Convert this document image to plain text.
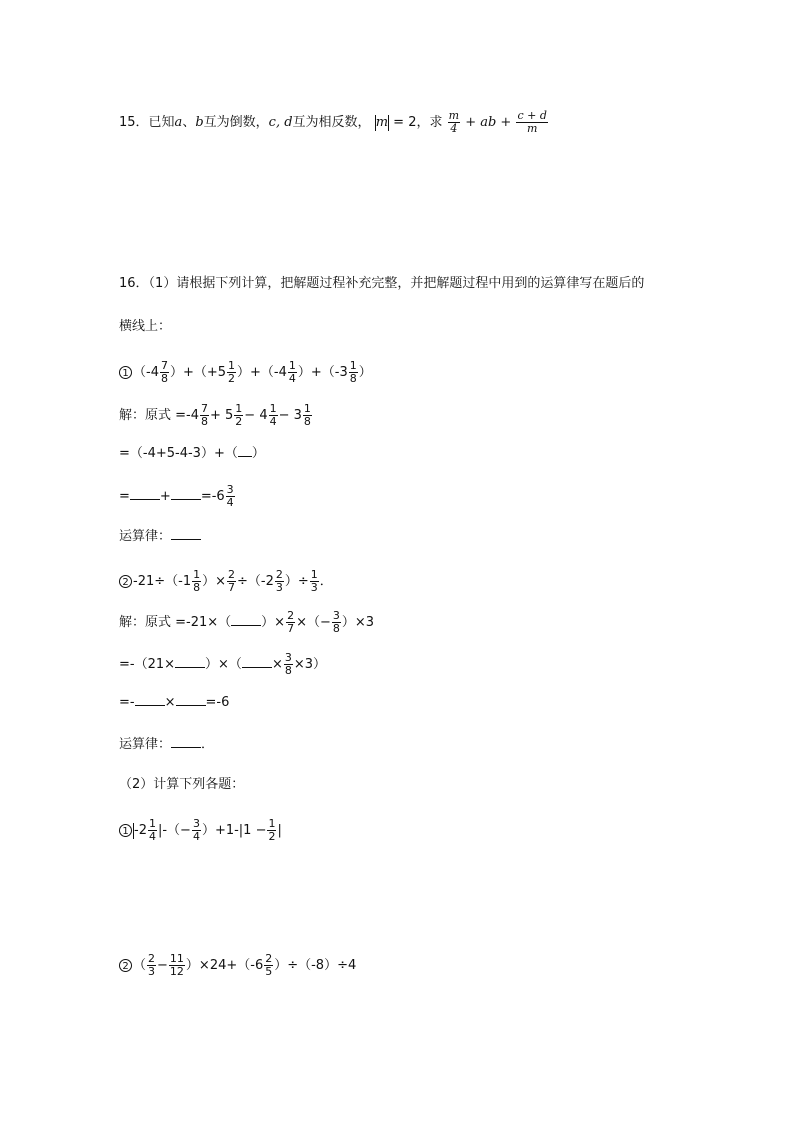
15．已知a、b互为倒数，c, d互为相反数， m = 2，求 $\frac{m}{4}$ + ab + $\frac{c + d}{m}$
16．（1）请根据下列计算，把解题过程补充完整，并把解题过程中用到的运算律写在题后的
横线上：
1 $(-4 \frac{7}{8} )+(+5 \frac{1}{2} )+(-4 \frac{1}{4} )+(-3 \frac{1}{8}$ ）
解：原式 $=-4 \frac{7}{8} + 5 \frac{1}{2} - 4 \frac{1}{4} - 3 \frac{1}{8}$
=（-4+5-4-3）+（ ）
= + $=-6 \frac{3}{4}$
运算律：
2 $-21\div(-1 \frac{1}{8}$ ）× $\frac{2}{7} \div(-2 \frac{2}{3}$ ）÷ $\frac{1}{3}$ ．
解：原式 =-21×（ ）× $\frac{2}{7}$ ×（− $\frac{3}{8} )\times 3$
=-（21× ）×（ × $\frac{3}{8} \times 3$）
=- × =-6
运算律： ．
（2）计算下列各题：
1 $-2 \frac{1}{4}$ |-（− $\frac{3}{4} )+1-|1 - \frac{1}{2}$ |
2 （ $\frac{2}{3} - \frac{11}{12} )\times 24+(-6 \frac{2}{5} )\div(-8)\div 4$
